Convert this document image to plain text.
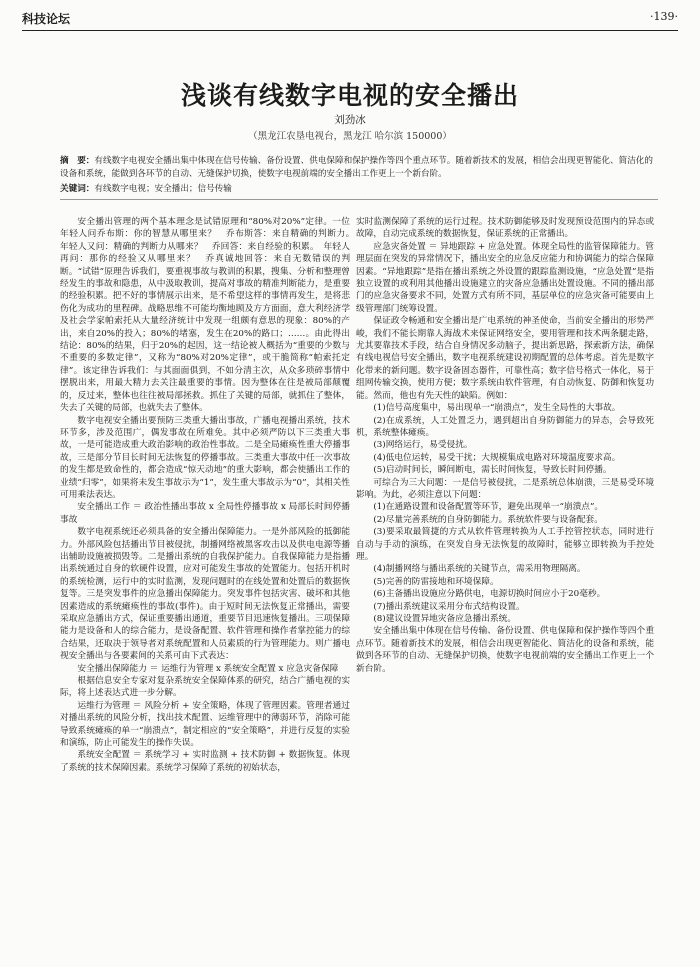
科技论坛	·139·
浅谈有线数字电视的安全播出
刘劲冰
（黑龙江农垦电视台，黑龙江 哈尔滨 150000）
摘　要：有线数字电视安全播出集中体现在信号传输、备份设置、供电保障和保护操作等四个重点环节。随着新技术的发展，相信会出现更智能化、简洁化的设备和系统，能做到各环节的自动、无缝保护切换，使数字电视前端的安全播出工作更上一个新台阶。
关键词：有线数字电视；安全播出；信号传输

安全播出管理的两个基本理念是试错原理和“80%对20%”定律。一位年轻人问乔布斯：你的智慧从哪里来？　乔布斯答：来自精确的判断力。　年轻人又问：精确的判断力从哪来？　乔回答：来自经验的积累。　年轻人再问：那你的经验又从哪里来？　乔真诚地回答：来自无数错误的判断。“试错”原理告诉我们，要重视事故与教训的积累，搜集、分析和整理曾经发生的事故和隐患，从中汲取教训，提高对事故的精准判断能力，是重要的经验积累。把不好的事情展示出来，是不希望这样的事情再发生，是将悲伤化为成功的里程碑。战略思维不可能均衡地顾及方方面面，意大利经济学及社会学家帕索托从大量经济统计中发现一组颇有意思的现象：80%的产出，来自20%的投入；80%的堵塞，发生在20%的路口；……。由此得出结论：80%的结果，归于20%的起因，这一结论被人概括为“重要的少数与不重要的多数定律”，又称为“80%对20%定律”，或干脆简称“帕索托定律”。该定律告诉我们：与其面面俱到，不如分清主次，从众多琐碎事情中摆脱出来，用最大精力去关注最重要的事情。因为整体在往是被局部颠覆的，反过来，整体也往往被局部拯救。抓住了关键的局部，就抓住了整体，失去了关键的局部，也就失去了整体。

数字电视安全播出要预防三类重大播出事故，广播电视播出系统，技术环节多，涉及范围广，偶发事故在所难免。其中必须严防以下三类重大事故，一是可能造成重大政治影响的政治性事故。二是全局瘫痪性重大停播事故，三是部分节目长时间无法恢复的停播事故。三类重大事故中任一次事故的发生都是致命性的，都会造成“惊天动地”的重大影响，都会使播出工作的业绩“归零”，如果将未发生事故示为“1”，发生重大事故示为“0”，其相关性可用乘法表达。

安全播出工作 ＝ 政治性播出事故 x 全局性停播事故 x 局部长时间停播事故

数字电视系统还必须具备的安全播出保障能力。一是外部风险的抵御能力。外部风险包括播出节目被侵扰，制播网络被黑客攻击以及供电电源等播出辅助设施被损毁等。二是播出系统的自我保护能力。自我保障能力是指播出系统通过自身的软硬件设置，应对可能发生事故的处置能力。包括开机时的系统检测，运行中的实时监测，发现问题时的在线处置和处置后的数据恢复等。三是突发事件的应急播出保障能力。突发事件包括灾害、破坏和其他因素造成的系统瘫痪性的事故(事件)。由于短时间无法恢复正常播出，需要采取应急播出方式，保证重要播出通道，重要节目迅速恢复播出。三项保障能力是设备和人的综合能力，是设备配置、软件管理和操作者掌控能力的综合结果，还取决于领导者对系统配置和人员素质的行为管理能力。则广播电视安全播出与各要素间的关系可由下式表达：

安全播出保障能力 ＝ 运维行为管理 x 系统安全配置 x 应急灾备保障

根据信息安全专家对复杂系统安全保障体系的研究，结合广播电视的实际，将上述表达式进一步分解。

运维行为管理 ＝ 风险分析 + 安全策略，体现了管理因素。管理者通过对播出系统的风险分析，找出技术配置、运维管理中的薄弱环节，消除可能导致系统瘫痪的单一“崩溃点”，制定相应的“安全策略”，并进行反复的实验和演练，防止可能发生的操作失误。

系统安全配置 ＝ 系统学习 + 实时监测 + 技术防御 + 数据恢复。体现了系统的技术保障因素。系统学习保障了系统的初始状态，

实时监测保障了系统的运行过程。技术防御能够及时发现预设范围内的异态或故障，自动完成系统的数据恢复，保证系统的正常播出。

应急灾备处置 ＝ 异地跟踪 + 应急处置。体现全局性的监管保障能力。管理层面在突发的异常情况下，播出安全的应急反应能力和协调能力的综合保障因素。“异地跟踪”是指在播出系统之外设置的跟踪监测设施，“应急处置”是指独立设置的或利用其他播出设施建立的灾备应急播出处置设施。不同的播出部门的应急灾备要求不同，处置方式有所不同，基层单位的应急灾备可能要由上级管理部门统筹设置。

保证政令畅通和安全播出是广电系统的神圣使命，当前安全播出的形势严峻，我们不能长期靠人海战术来保证网络安全，要用管理和技术两条腿走路，尤其要靠技术手段，结合自身情况多动脑子，提出新思路，探索新方法，确保有线电视信号安全播出，数字电视系统建设初期配置的总体考虑。首先是数字化带来的新问题。数字设备固态器件，可靠性高；数字信号格式一体化，易于组网传输交换，使用方便；数字系统由软件管理，有自动恢复、防御和恢复功能。然而，他也有先天性的缺陷。例如：

(1)信号高度集中，易出现单一“崩溃点”，发生全局性的大事故。

(2)在成系统，人工处置乏力，遇到超出自身防御能力的异态，会导致死机，系统整体瘫痪。

(3)网络运行，易受侵扰。

(4)低电位运转，易受干扰；大规模集成电路对环境温度要求高。

(5)启动时间长，瞬间断电，需长时间恢复，导致长时间停播。

可综合为三大问题：一是信号被侵扰，二是系统总体崩溃，三是易受环境影响。为此，必须注意以下问题：

(1)在通路设置和设备配置等环节，避免出现单一“崩溃点”。

(2)尽量完善系统的自身防御能力。系统软件要与设备配套。

(3)要采取最简捷的方式从软件管理转换为人工手控管控状态，同时进行自动与手动的演练，在突发自身无法恢复的故障时，能够立即转换为手控处理。

(4)制播网络与播出系统的关键节点，需采用物理隔离。

(5)完善的防雷接地和环境保障。

(6)主备播出设施应分路供电，电源切换时间应小于20毫秒。

(7)播出系统建议采用分布式结构设置。

(8)建议设置异地灾备应急播出系统。

安全播出集中体现在信号传输、备份设置、供电保障和保护操作等四个重点环节。随着新技术的发展，相信会出现更智能化、简洁化的设备和系统，能做到各环节的自动、无缝保护切换，使数字电视前端的安全播出工作更上一个新台阶。
